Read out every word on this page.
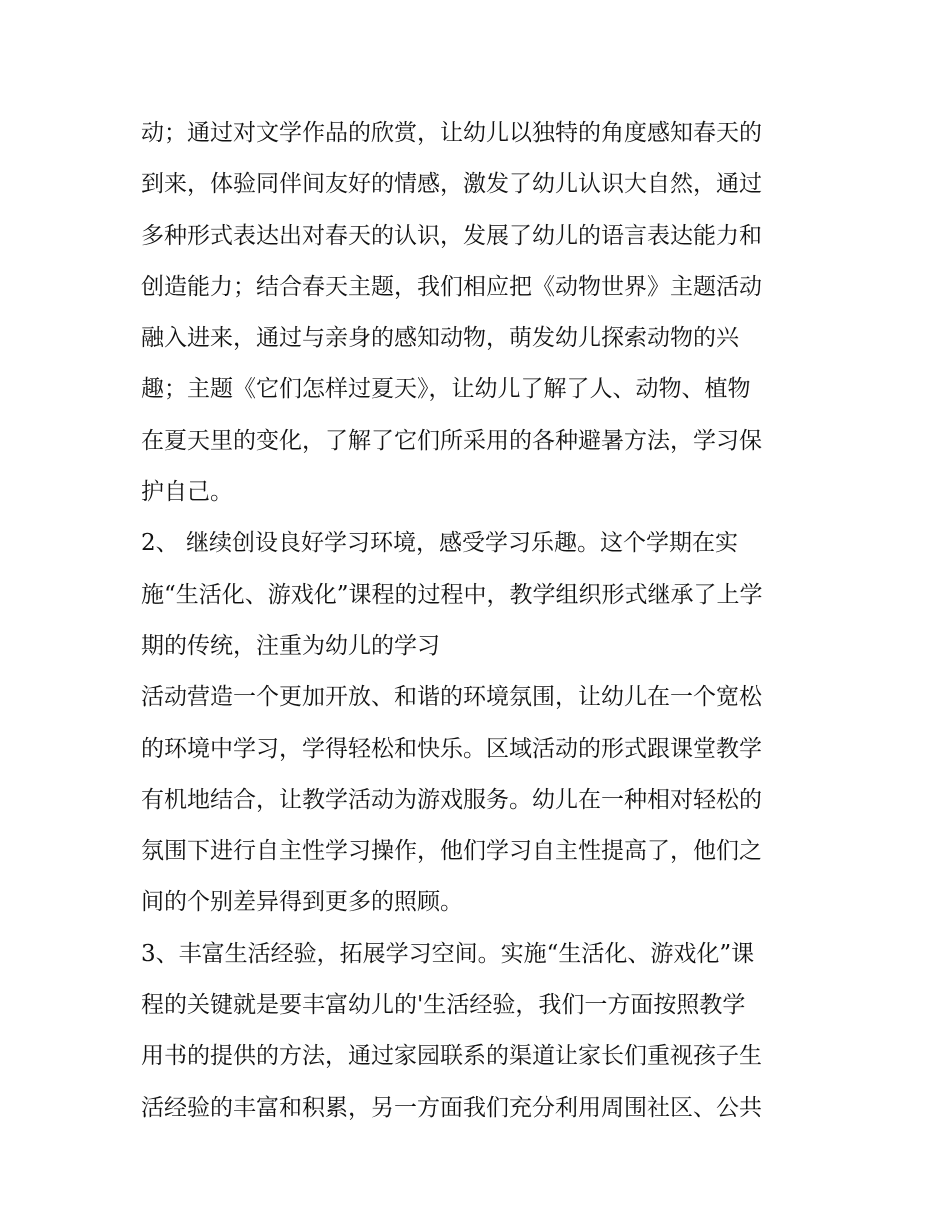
动；通过对文学作品的欣赏，让幼儿以独特的角度感知春天的
到来，体验同伴间友好的情感，激发了幼儿认识大自然，通过
多种形式表达出对春天的认识，发展了幼儿的语言表达能力和
创造能力；结合春天主题，我们相应把《动物世界》主题活动
融入进来，通过与亲身的感知动物，萌发幼儿探索动物的兴
趣；主题《它们怎样过夏天》，让幼儿了解了人、动物、植物
在夏天里的变化，了解了它们所采用的各种避暑方法，学习保
护自己。
2、 继续创设良好学习环境，感受学习乐趣。这个学期在实
施“生活化、游戏化”课程的过程中，教学组织形式继承了上学
期的传统，注重为幼儿的学习
活动营造一个更加开放、和谐的环境氛围，让幼儿在一个宽松
的环境中学习，学得轻松和快乐。区域活动的形式跟课堂教学
有机地结合，让教学活动为游戏服务。幼儿在一种相对轻松的
氛围下进行自主性学习操作，他们学习自主性提高了，他们之
间的个别差异得到更多的照顾。
3、丰富生活经验，拓展学习空间。实施“生活化、游戏化”课
程的关键就是要丰富幼儿的'生活经验，我们一方面按照教学
用书的提供的方法，通过家园联系的渠道让家长们重视孩子生
活经验的丰富和积累，另一方面我们充分利用周围社区、公共
